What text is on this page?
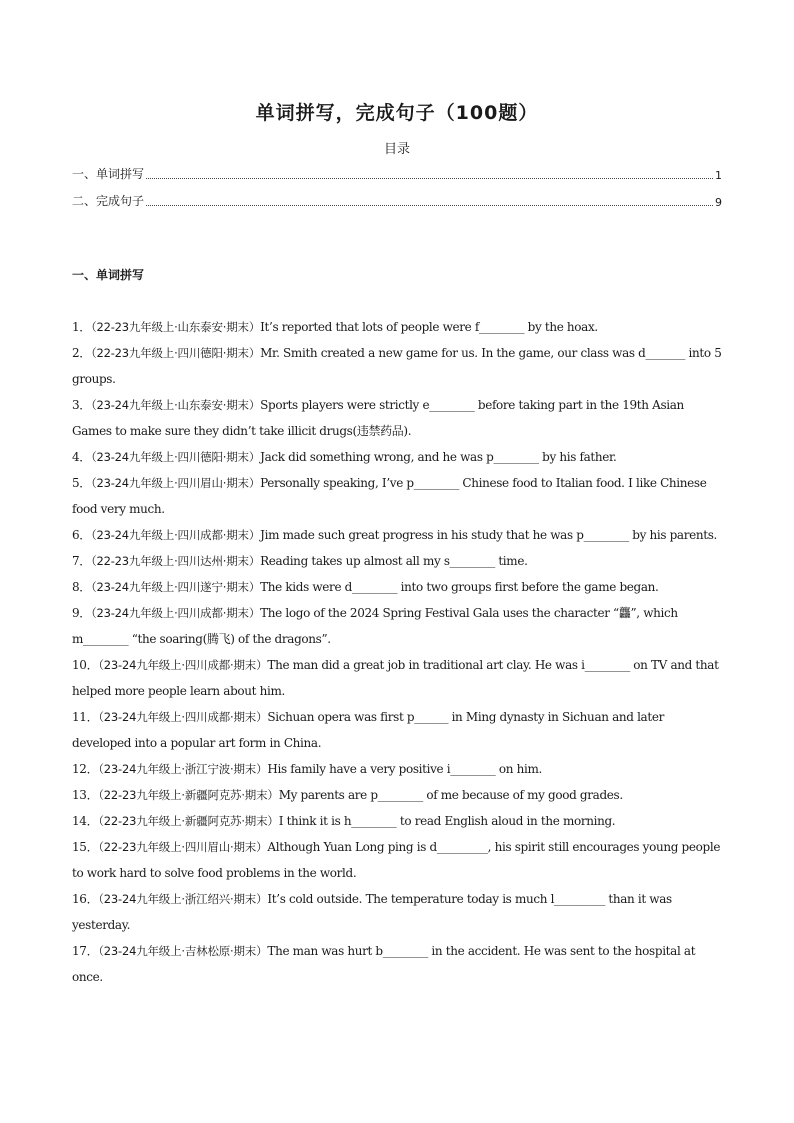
单词拼写，完成句子（100题）
目录
一、单词拼写	1
二、完成句子	9
一、单词拼写

1．（22-23九年级上·山东泰安·期末）It’s reported that lots of people were f________ by the hoax.

2．（22-23九年级上·四川德阳·期末）Mr. Smith created a new game for us. In the game, our class was d_______ into 5 groups.

3．（23-24九年级上·山东泰安·期末）Sports players were strictly e________ before taking part in the 19th Asian Games to make sure they didn’t take illicit drugs(违禁药品).

4．（23-24九年级上·四川德阳·期末）Jack did something wrong, and he was p________ by his father.

5．（23-24九年级上·四川眉山·期末）Personally speaking, I’ve p________ Chinese food to Italian food. I like Chinese food very much.

6．（23-24九年级上·四川成都·期末）Jim made such great progress in his study that he was p________ by his parents.

7．（22-23九年级上·四川达州·期末）Reading takes up almost all my s________ time.

8．（23-24九年级上·四川遂宁·期末）The kids were d________ into two groups first before the game began.

9．（23-24九年级上·四川成都·期末）The logo of the 2024 Spring Festival Gala uses the character “龘”, which m________ “the soaring(腾飞) of the dragons”.

10．（23-24九年级上·四川成都·期末）The man did a great job in traditional art clay. He was i________ on TV and that helped more people learn about him.

11．（23-24九年级上·四川成都·期末）Sichuan opera was first p______ in Ming dynasty in Sichuan and later developed into a popular art form in China.

12．（23-24九年级上·浙江宁波·期末）His family have a very positive i________ on him.

13．（22-23九年级上·新疆阿克苏·期末）My parents are p________ of me because of my good grades.

14．（22-23九年级上·新疆阿克苏·期末）I think it is h________ to read English aloud in the morning.

15．（22-23九年级上·四川眉山·期末）Although Yuan Long ping is d_________, his spirit still encourages young people to work hard to solve food problems in the world.

16．（23-24九年级上·浙江绍兴·期末）It’s cold outside. The temperature today is much l_________ than it was yesterday.

17．（23-24九年级上·吉林松原·期末）The man was hurt b________ in the accident. He was sent to the hospital at once.
